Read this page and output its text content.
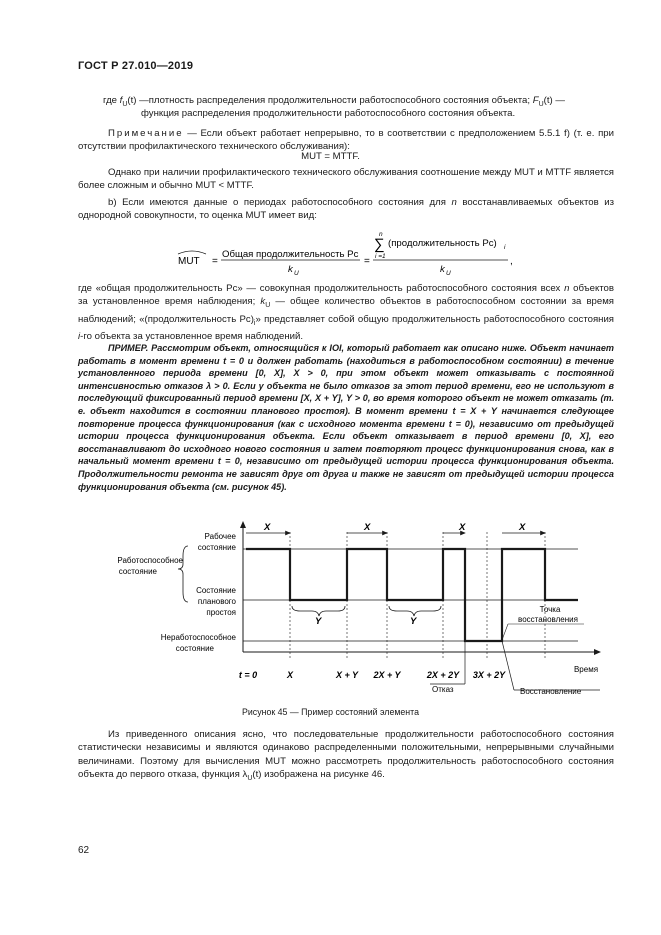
ГОСТ Р 27.010—2019
где $f_U(t)$ —плотность распределения продолжительности работоспособного состояния объекта; $F_U(t)$ —
функция распределения продолжительности работоспособного состояния объекта.
Примечание — Если объект работает непрерывно, то в соответствии с предположением 5.5.1 f) (т. е. при отсутствии профилактического технического обслуживания):
MUT = MTTF.
Однако при наличии профилактического технического обслуживания соотношение между MUT и MTTF является более сложным и обычно MUT < MTTF.
b) Если имеются данные о периодах работоспособного состояния для n восстанавливаемых объектов из однородной совокупности, то оценка MUT имеет вид:
MUT =
Общая продолжительность Рс
k U
=
n
∑
i =1
(продолжительность Рс) i
k U
,
где «общая продолжительность Рс» — совокупная продолжительность работоспособного состояния всех n объектов за установленное время наблюдения; $k_U$ — общее количество объектов в работоспособном состоянии за время наблюдений; «(продолжительность $Рс)_i$» представляет собой общую продолжительность работоспособного состояния i-го объекта за установленное время наблюдений.
ПРИМЕР. Рассмотрим объект, относящийся к IOI, который работает как описано ниже. Объект начинает работать в момент времени t = 0 и должен работать (находиться в работоспособном состоянии) в течение установленного периода времени [0, X], X > 0, при этом объект может отказывать с постоянной интенсивностью отказов λ > 0. Если у объекта не было отказов за этот период времени, его не используют в последующий фиксированный период времени [X, X + Y], Y > 0, во время которого объект не может отказать (т. е. объект находится в состоянии планового простоя). В момент времени t = X + Y начинается следующее повторение процесса функционирования (как с исходного момента времени t = 0), независимо от предыдущей истории процесса функционирования объекта. Если объект отказывает в период времени [0, X], его восстанавливают до исходного нового состояния и затем повторяют процесс функционирования снова, как в начальный момент времени t = 0, независимо от предыдущей истории процесса функционирования объекта. Продолжительности ремонта не зависят друг от друга и также не зависят от предыдущей истории процесса функционирования объекта (см. рисунок 45).
X	X	X	X
Y	Y
Рабочее
состояние
Работоспособное
состояние
Состояние
планового
простоя
Неработоспособное
состояние
Точка
восстановления
Время
t = 0	X	X + Y 2X + Y	2X + 2Y 3X + 2Y
Отказ	Восстановление
Рисунок 45 — Пример состояний элемента
Из приведенного описания ясно, что последовательные продолжительности работоспособного состояния статистически независимы и являются одинаково распределенными положительными, непрерывными случайными величинами. Поэтому для вычисления MUT можно рассмотреть продолжительность работоспособного состояния объекта до первого отказа, функция $\lambda_U(t)$ изображена на рисунке 46.
62
